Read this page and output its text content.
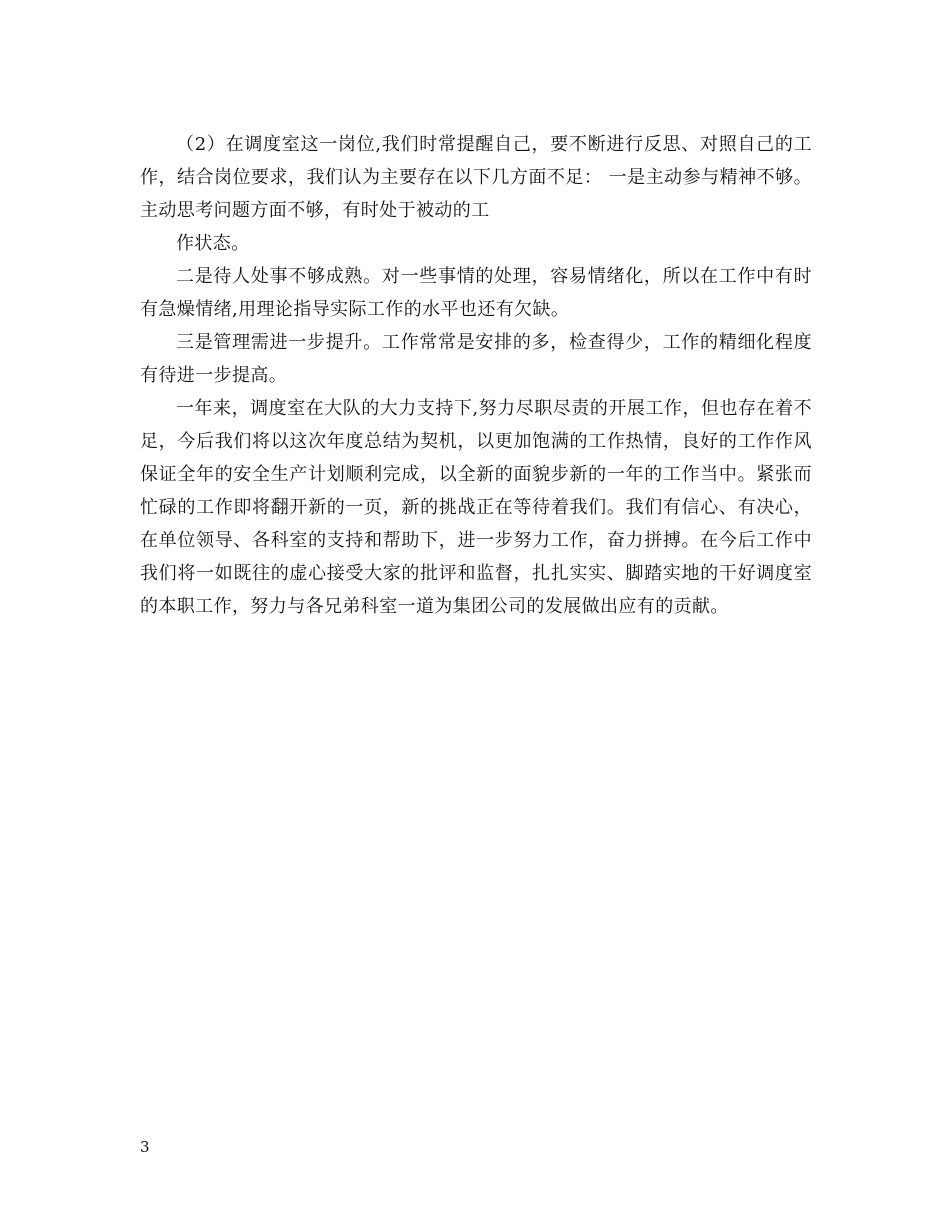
（2）在调度室这一岗位,我们时常提醒自己，要不断进行反思、对照自己的工作，结合岗位要求，我们认为主要存在以下几方面不足： 一是主动参与精神不够。主动思考问题方面不够，有时处于被动的工

作状态。

二是待人处事不够成熟。对一些事情的处理，容易情绪化，所以在工作中有时有急燥情绪,用理论指导实际工作的水平也还有欠缺。

三是管理需进一步提升。工作常常是安排的多，检查得少，工作的精细化程度有待进一步提高。

一年来，调度室在大队的大力支持下,努力尽职尽责的开展工作，但也存在着不足，今后我们将以这次年度总结为契机，以更加饱满的工作热情，良好的工作作风保证全年的安全生产计划顺利完成，以全新的面貌步新的一年的工作当中。紧张而忙碌的工作即将翻开新的一页，新的挑战正在等待着我们。我们有信心、有决心，在单位领导、各科室的支持和帮助下，进一步努力工作，奋力拼搏。在今后工作中我们将一如既往的虚心接受大家的批评和监督，扎扎实实、脚踏实地的干好调度室的本职工作，努力与各兄弟科室一道为集团公司的发展做出应有的贡献。

3
